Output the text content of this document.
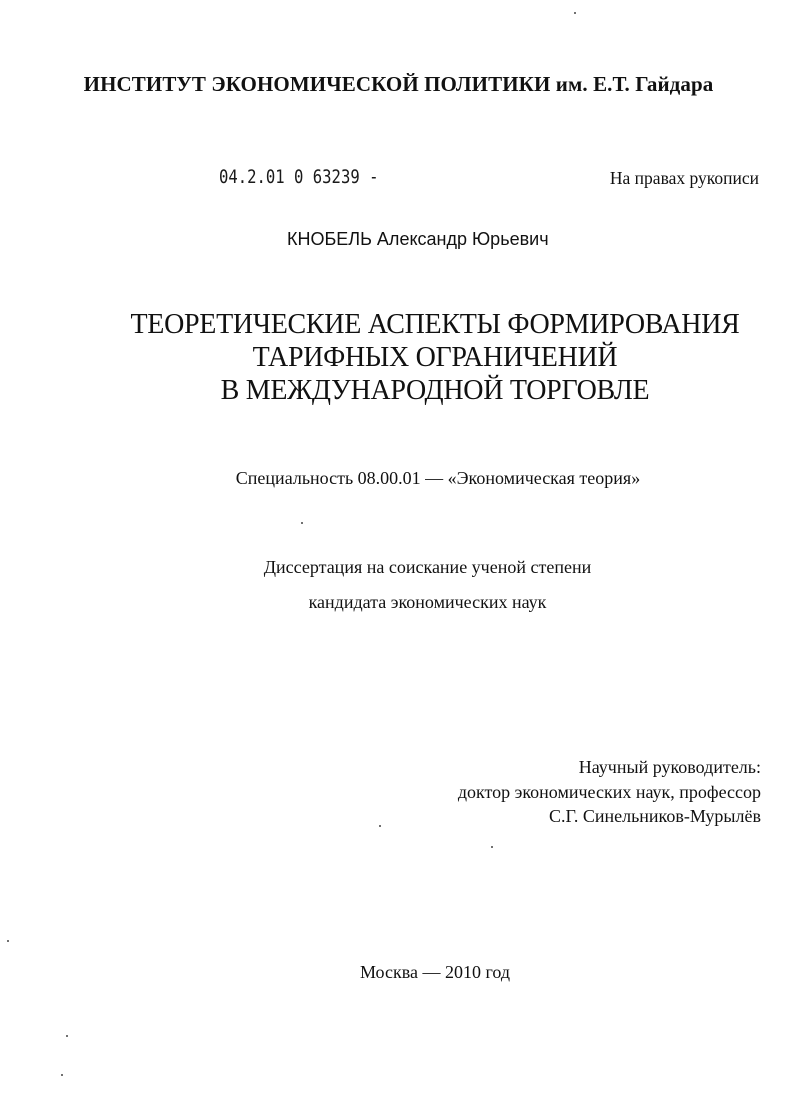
ИНСТИТУТ ЭКОНОМИЧЕСКОЙ ПОЛИТИКИ им. Е.Т. Гайдара
04.2.01 0 63239 -	На правах рукописи
КНОБЕЛЬ Александр Юрьевич
ТЕОРЕТИЧЕСКИЕ АСПЕКТЫ ФОРМИРОВАНИЯ
ТАРИФНЫХ ОГРАНИЧЕНИЙ
В МЕЖДУНАРОДНОЙ ТОРГОВЛЕ
Специальность 08.00.01 — «Экономическая теория»
Диссертация на соискание ученой степени
кандидата экономических наук
Научный руководитель:
доктор экономических наук, профессор
С.Г. Синельников-Мурылёв
Москва — 2010 год
